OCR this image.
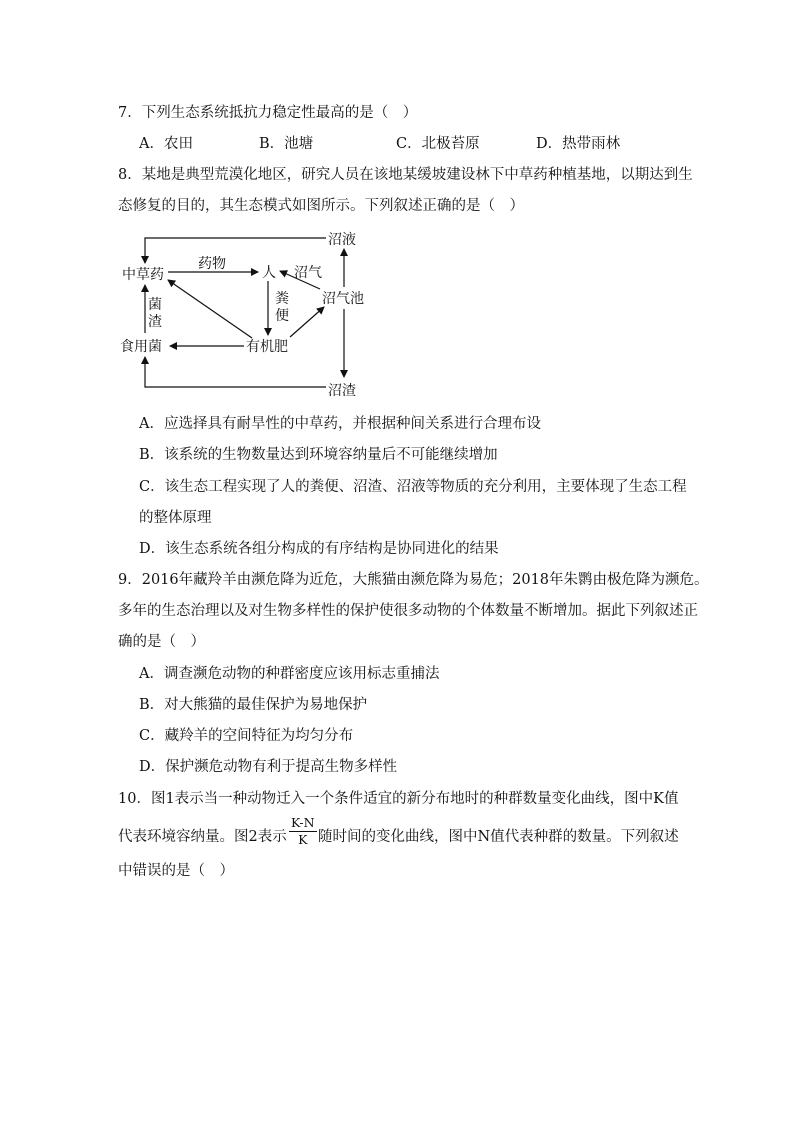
7．下列生态系统抵抗力稳定性最高的是（　）
A．农田	B．池塘	C．北极苔原	D．热带雨林
8．某地是典型荒漠化地区，研究人员在该地某缓坡建设林下中草药种植基地，以期达到生
态修复的目的，其生态模式如图所示。下列叙述正确的是（　）
中草药	人
沼气池
食用菌	有机肥
沼液
沼渣
药物
沼气
粪
便
菌
渣
A．应选择具有耐旱性的中草药，并根据种间关系进行合理布设
B．该系统的生物数量达到环境容纳量后不可能继续增加
C．该生态工程实现了人的粪便、沼渣、沼液等物质的充分利用，主要体现了生态工程
的整体原理
D．该生态系统各组分构成的有序结构是协同进化的结果
9．2016年藏羚羊由濒危降为近危，大熊猫由濒危降为易危；2018年朱鹮由极危降为濒危。
多年的生态治理以及对生物多样性的保护使很多动物的个体数量不断增加。据此下列叙述正
确的是（　）
A．调查濒危动物的种群密度应该用标志重捕法
B．对大熊猫的最佳保护为易地保护
C．藏羚羊的空间特征为均匀分布
D．保护濒危动物有利于提高生物多样性
10．图1表示当一种动物迁入一个条件适宜的新分布地时的种群数量变化曲线，图中K值
代表环境容纳量。图2表示 $\frac{K-N}{K}$ 随时间的变化曲线，图中N值代表种群的数量。下列叙述
中错误的是（　）
